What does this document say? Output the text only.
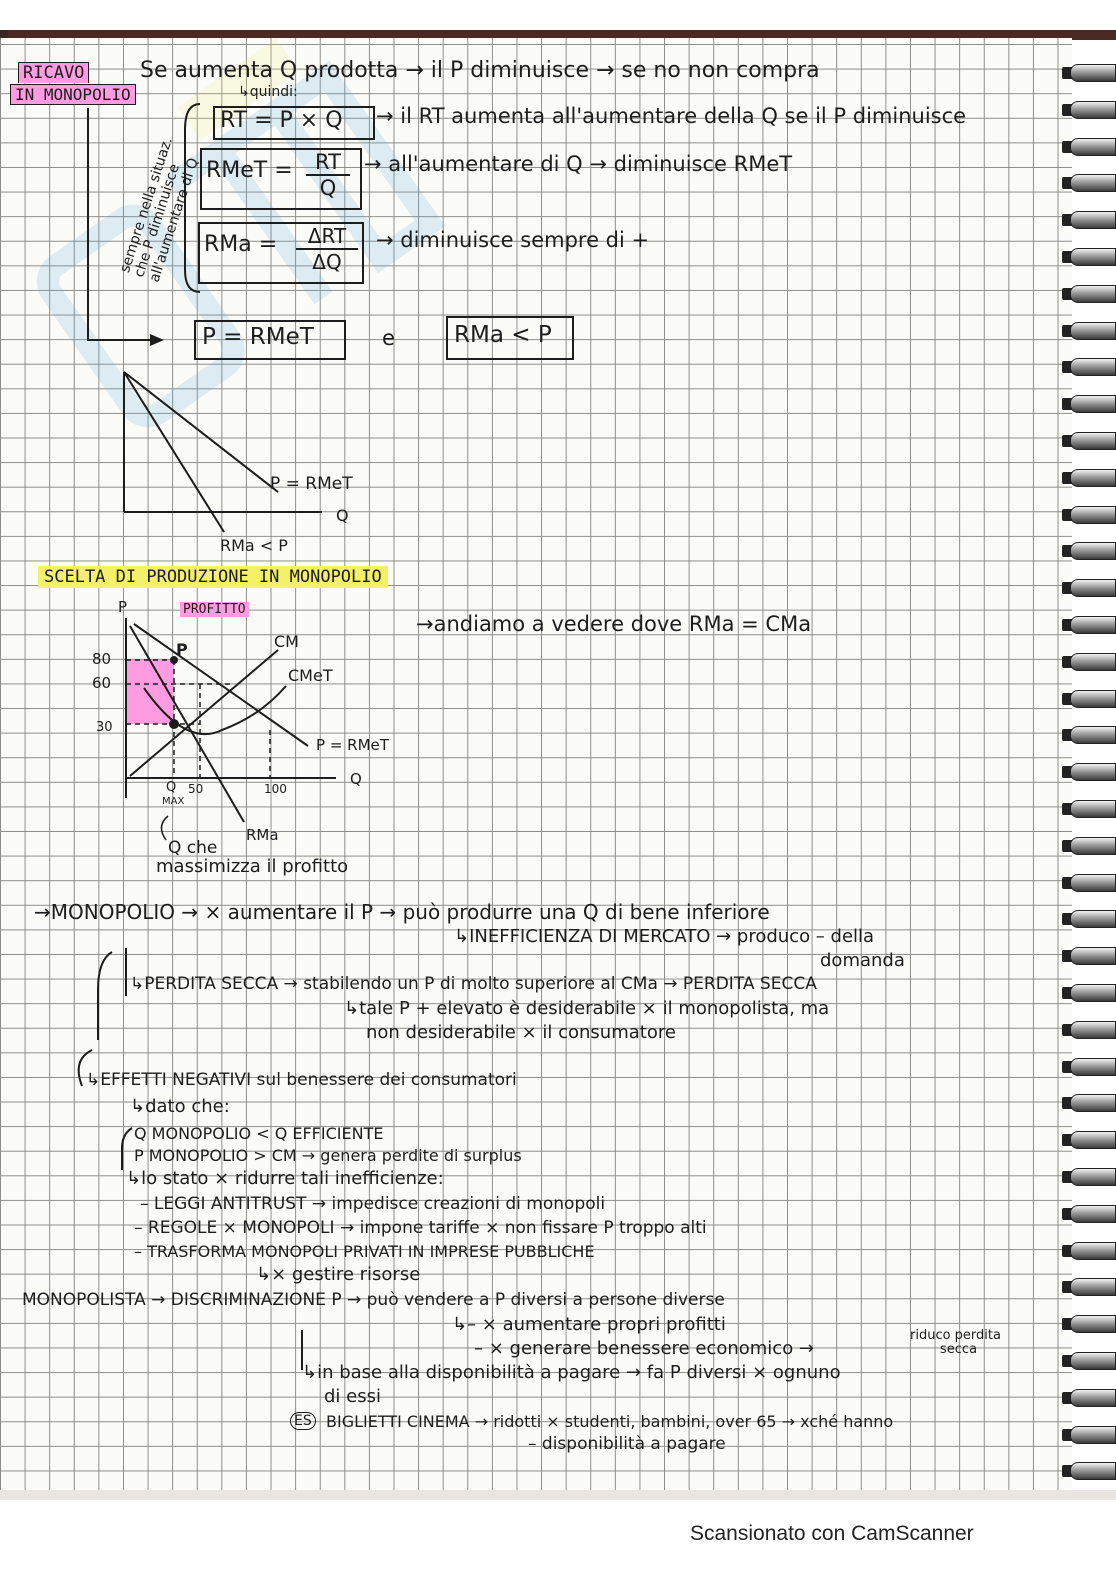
RICAVO
IN MONOPOLIO
Se aumenta Q prodotta → il P diminuisce → se no non compra
↳quindi:
sempre nella situaz. che P diminuisce all'aumentare di Q
RT = P × Q → il RT aumenta all'aumentare della Q se il P diminuisce
RMeT = $\frac{RT}{Q}$ → all'aumentare di Q → diminuisce RMeT
RMa =	ΔRT
ΔQ
→ diminuisce sempre di +
P = RMeT	e	RMa < P
P = RMeT
Q
RMa < P
SCELTA DI PRODUZIONE IN MONOPOLIO
→andiamo a vedere dove RMa = CMa
P	PROFITTO
P	CM
CMeT
P = RMeT
Q
RMa
80
60
30
50	100
Q
MAX
Q che
massimizza il profitto
→MONOPOLIO → × aumentare il P → può produrre una Q di bene inferiore
↳INEFFICIENZA DI MERCATO → produco – della
domanda
↳PERDITA SECCA → stabilendo un P di molto superiore al CMa → PERDITA SECCA
↳tale P + elevato è desiderabile × il monopolista, ma
non desiderabile × il consumatore
↳EFFETTI NEGATIVI sul benessere dei consumatori
↳dato che:
Q MONOPOLIO < Q EFFICIENTE
P MONOPOLIO > CM → genera perdite di surplus
↳lo stato × ridurre tali inefficienze:
– LEGGI ANTITRUST → impedisce creazioni di monopoli
– REGOLE × MONOPOLI → impone tariffe × non fissare P troppo alti
– TRASFORMA MONOPOLI PRIVATI IN IMPRESE PUBBLICHE
↳× gestire risorse
MONOPOLISTA → DISCRIMINAZIONE P → può vendere a P diversi a persone diverse
↳– × aumentare propri profitti
– × generare benessere economico →
riduco perdita
secca
↳in base alla disponibilità a pagare → fa P diversi × ognuno
di essi
ES BIGLIETTI CINEMA → ridotti × studenti, bambini, over 65 → xché hanno
– disponibilità a pagare
Scansionato con CamScanner
